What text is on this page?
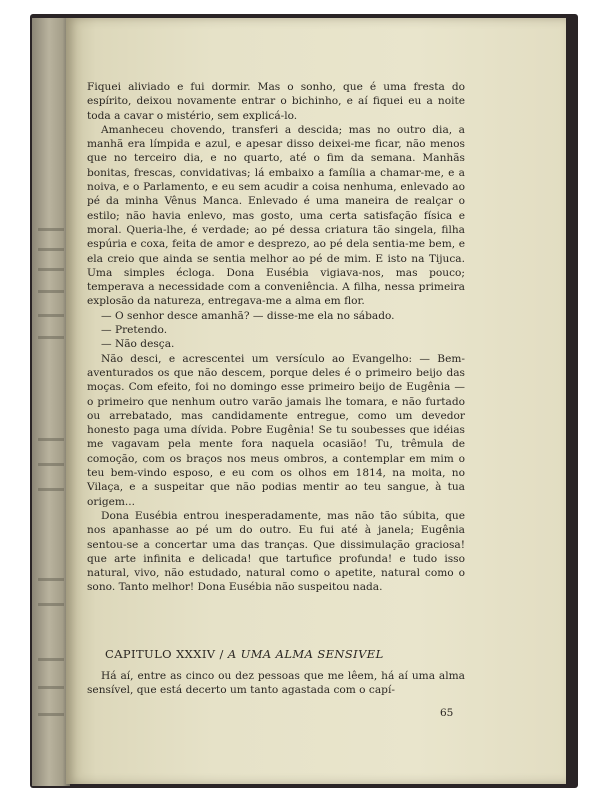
Fiquei aliviado e fui dormir. Mas o sonho, que é uma fresta do espírito, deixou novamente entrar o bichinho, e aí fiquei eu a noite toda a cavar o mistério, sem explicá-lo.

Amanheceu chovendo, transferi a descida; mas no outro dia, a manhã era límpida e azul, e apesar disso deixei-me ficar, não menos que no terceiro dia, e no quarto, até o fim da semana. Manhãs bonitas, frescas, convidativas; lá embaixo a família a chamar-me, e a noiva, e o Parlamento, e eu sem acudir a coisa nenhuma, enlevado ao pé da minha Vênus Manca. Enlevado é uma maneira de realçar o estilo; não havia enlevo, mas gosto, uma certa satisfação física e moral. Queria-lhe, é verdade; ao pé dessa criatura tão singela, filha espúria e coxa, feita de amor e desprezo, ao pé dela sentia-me bem, e ela creio que ainda se sentia melhor ao pé de mim. E isto na Tijuca. Uma simples écloga. Dona Eusébia vigiava-nos, mas pouco; temperava a necessidade com a conveniência. A filha, nessa primeira explosão da natureza, entregava-me a alma em flor.

— O senhor desce amanhã? — disse-me ela no sábado.

— Pretendo.

— Não desça.

Não desci, e acrescentei um versículo ao Evangelho: — Bem-aventurados os que não descem, porque deles é o primeiro beijo das moças. Com efeito, foi no domingo esse primeiro beijo de Eugênia — o primeiro que nenhum outro varão jamais lhe tomara, e não furtado ou arrebatado, mas candidamente entregue, como um devedor honesto paga uma dívida. Pobre Eugênia! Se tu soubesses que idéias me vagavam pela mente fora naquela ocasião! Tu, trêmula de comoção, com os braços nos meus ombros, a contemplar em mim o teu bem-vindo esposo, e eu com os olhos em 1814, na moita, no Vilaça, e a suspeitar que não podias mentir ao teu sangue, à tua origem...

Dona Eusébia entrou inesperadamente, mas não tão súbita, que nos apanhasse ao pé um do outro. Eu fui até à janela; Eugênia sentou-se a concertar uma das tranças. Que dissimulação graciosa! que arte infinita e delicada! que tartufice profunda! e tudo isso natural, vivo, não estudado, natural como o apetite, natural como o sono. Tanto melhor! Dona Eusébia não suspeitou nada.

CAPITULO XXXIV / A UMA ALMA SENSIVEL
Há aí, entre as cinco ou dez pessoas que me lêem, há aí uma alma sensível, que está decerto um tanto agastada com o capí-
65
